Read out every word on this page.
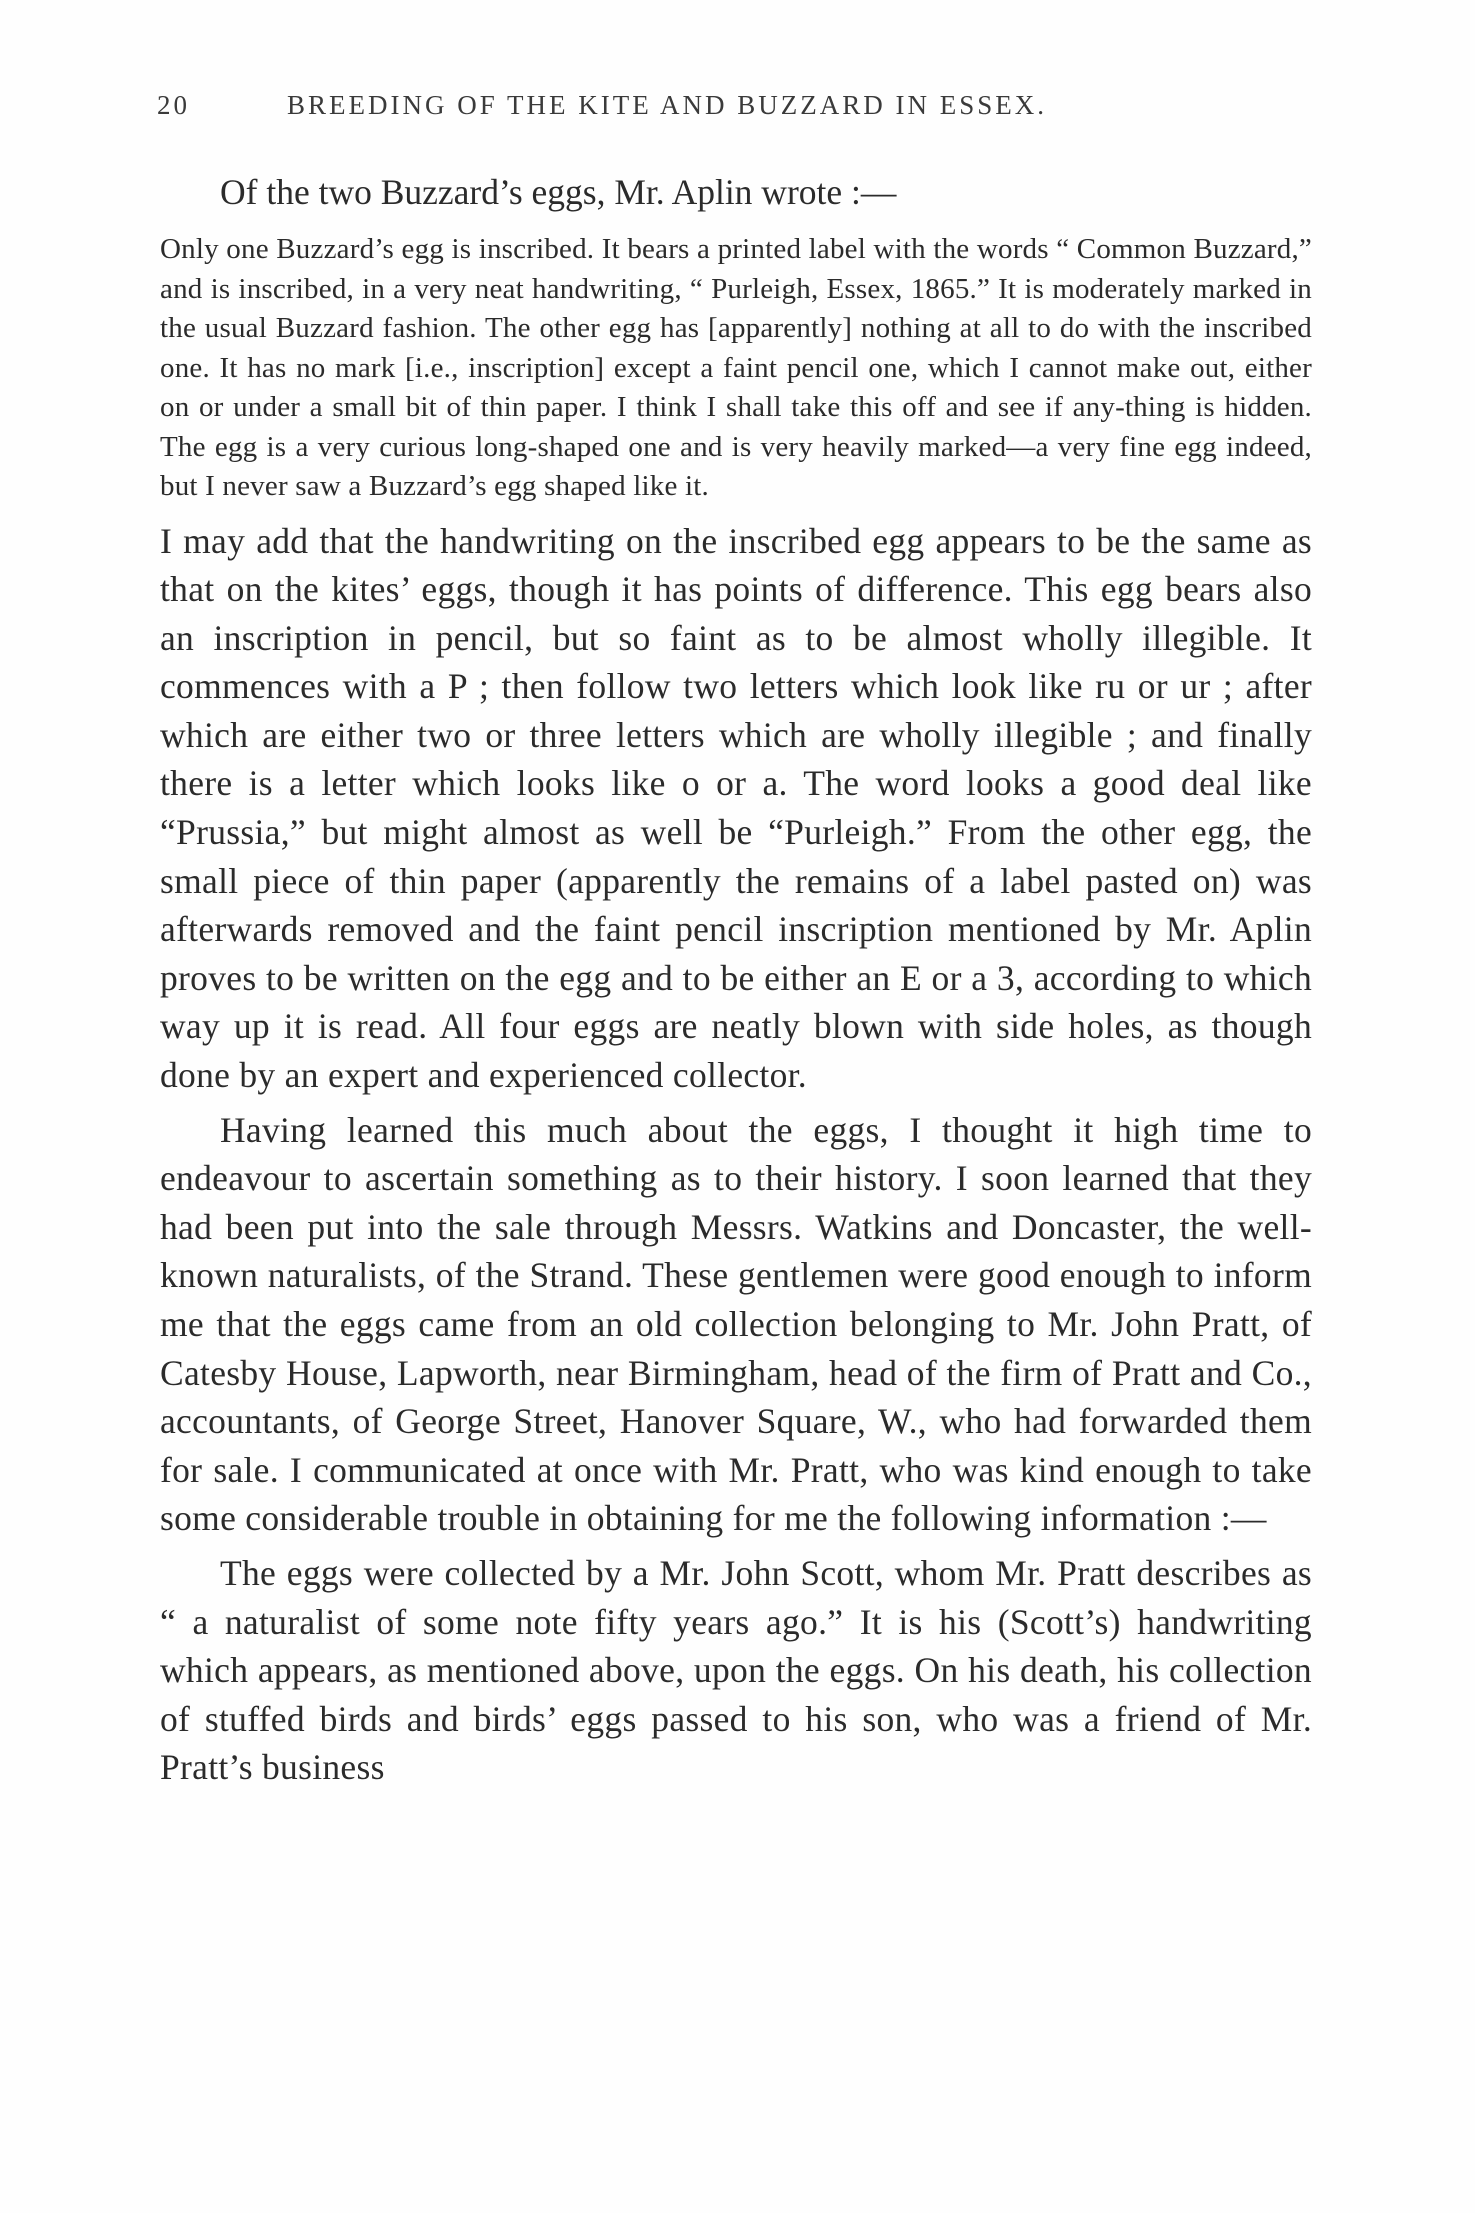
20	BREEDING OF THE KITE AND BUZZARD IN ESSEX.

Of the two Buzzard’s eggs, Mr. Aplin wrote :—

Only one Buzzard’s egg is inscribed. It bears a printed label with the words “ Common Buzzard,” and is inscribed, in a very neat handwriting, “ Purleigh, Essex, 1865.” It is moderately marked in the usual Buzzard fashion. The other egg has [apparently] nothing at all to do with the inscribed one. It has no mark [i.e., inscription] except a faint pencil one, which I cannot make out, either on or under a small bit of thin paper. I think I shall take this off and see if any-thing is hidden. The egg is a very curious long-shaped one and is very heavily marked—a very fine egg indeed, but I never saw a Buzzard’s egg shaped like it.

I may add that the handwriting on the inscribed egg appears to be the same as that on the kites’ eggs, though it has points of difference. This egg bears also an inscription in pencil, but so faint as to be almost wholly illegible. It commences with a P ; then follow two letters which look like ru or ur ; after which are either two or three letters which are wholly illegible ; and finally there is a letter which looks like o or a. The word looks a good deal like “Prussia,” but might almost as well be “Purleigh.” From the other egg, the small piece of thin paper (apparently the remains of a label pasted on) was afterwards removed and the faint pencil inscription mentioned by Mr. Aplin proves to be written on the egg and to be either an E or a 3, according to which way up it is read. All four eggs are neatly blown with side holes, as though done by an expert and experienced collector.

Having learned this much about the eggs, I thought it high time to endeavour to ascertain something as to their history. I soon learned that they had been put into the sale through Messrs. Watkins and Doncaster, the well-known naturalists, of the Strand. These gentlemen were good enough to inform me that the eggs came from an old collection belonging to Mr. John Pratt, of Catesby House, Lapworth, near Birmingham, head of the firm of Pratt and Co., accountants, of George Street, Hanover Square, W., who had forwarded them for sale. I communicated at once with Mr. Pratt, who was kind enough to take some considerable trouble in obtaining for me the following information :—

The eggs were collected by a Mr. John Scott, whom Mr. Pratt describes as “ a naturalist of some note fifty years ago.” It is his (Scott’s) handwriting which appears, as mentioned above, upon the eggs. On his death, his collection of stuffed birds and birds’ eggs passed to his son, who was a friend of Mr. Pratt’s business
